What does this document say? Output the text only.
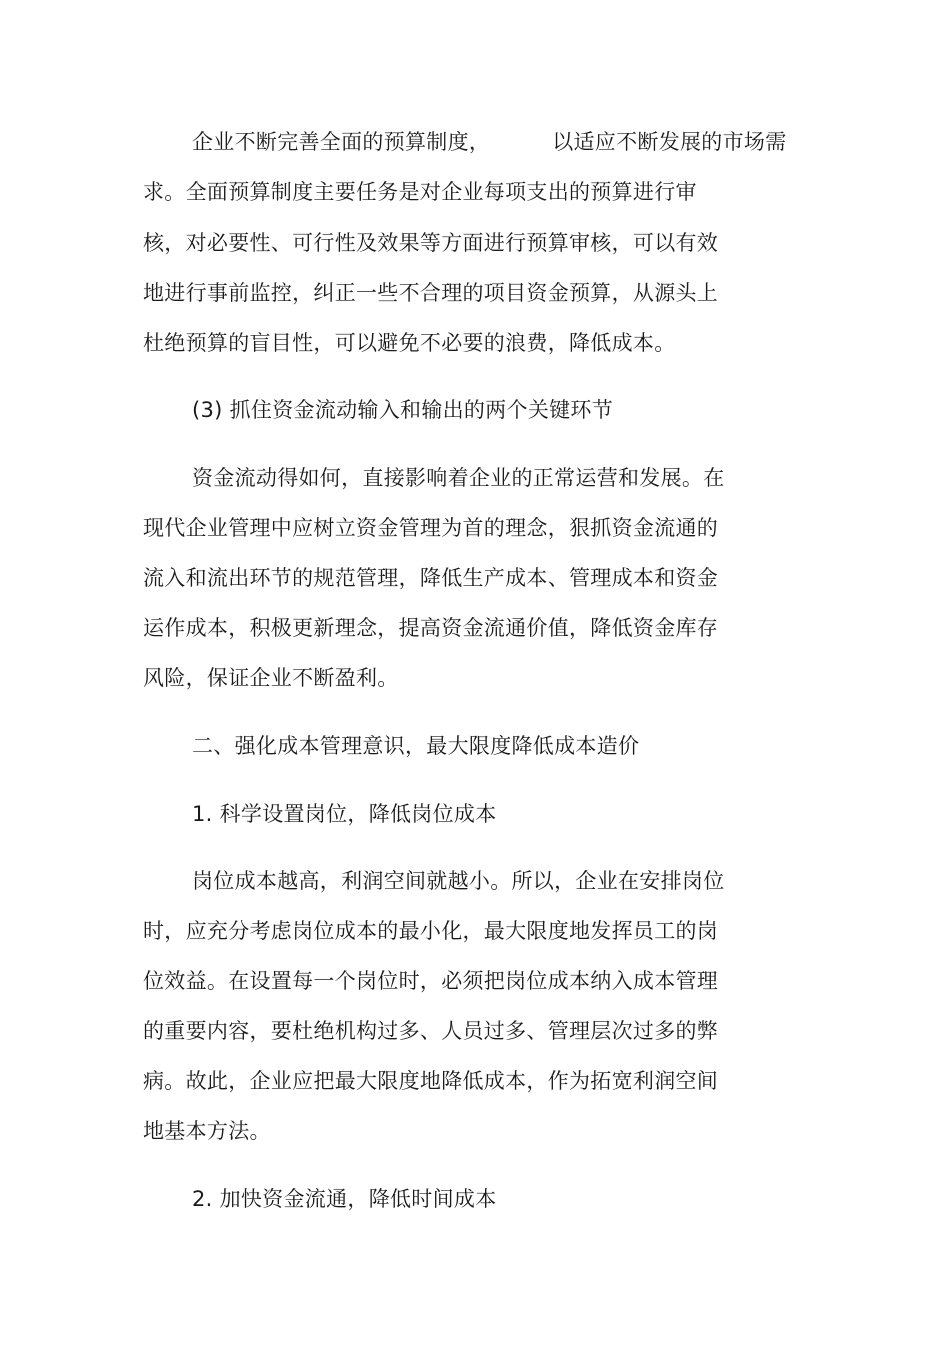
企业不断完善全面的预算制度，	以适应不断发展的市场需
求。全面预算制度主要任务是对企业每项支出的预算进行审
核，对必要性、可行性及效果等方面进行预算审核，可以有效
地进行事前监控，纠正一些不合理的项目资金预算，从源头上
杜绝预算的盲目性，可以避免不必要的浪费，降低成本。
(3) 抓住资金流动输入和输出的两个关键环节
资金流动得如何，直接影响着企业的正常运营和发展。在
现代企业管理中应树立资金管理为首的理念，狠抓资金流通的
流入和流出环节的规范管理，降低生产成本、管理成本和资金
运作成本，积极更新理念，提高资金流通价值，降低资金库存
风险，保证企业不断盈利。
二、强化成本管理意识，最大限度降低成本造价
1. 科学设置岗位，降低岗位成本
岗位成本越高，利润空间就越小。所以，企业在安排岗位
时，应充分考虑岗位成本的最小化，最大限度地发挥员工的岗
位效益。在设置每一个岗位时，必须把岗位成本纳入成本管理
的重要内容，要杜绝机构过多、人员过多、管理层次过多的弊
病。故此，企业应把最大限度地降低成本，作为拓宽利润空间
地基本方法。
2. 加快资金流通，降低时间成本
